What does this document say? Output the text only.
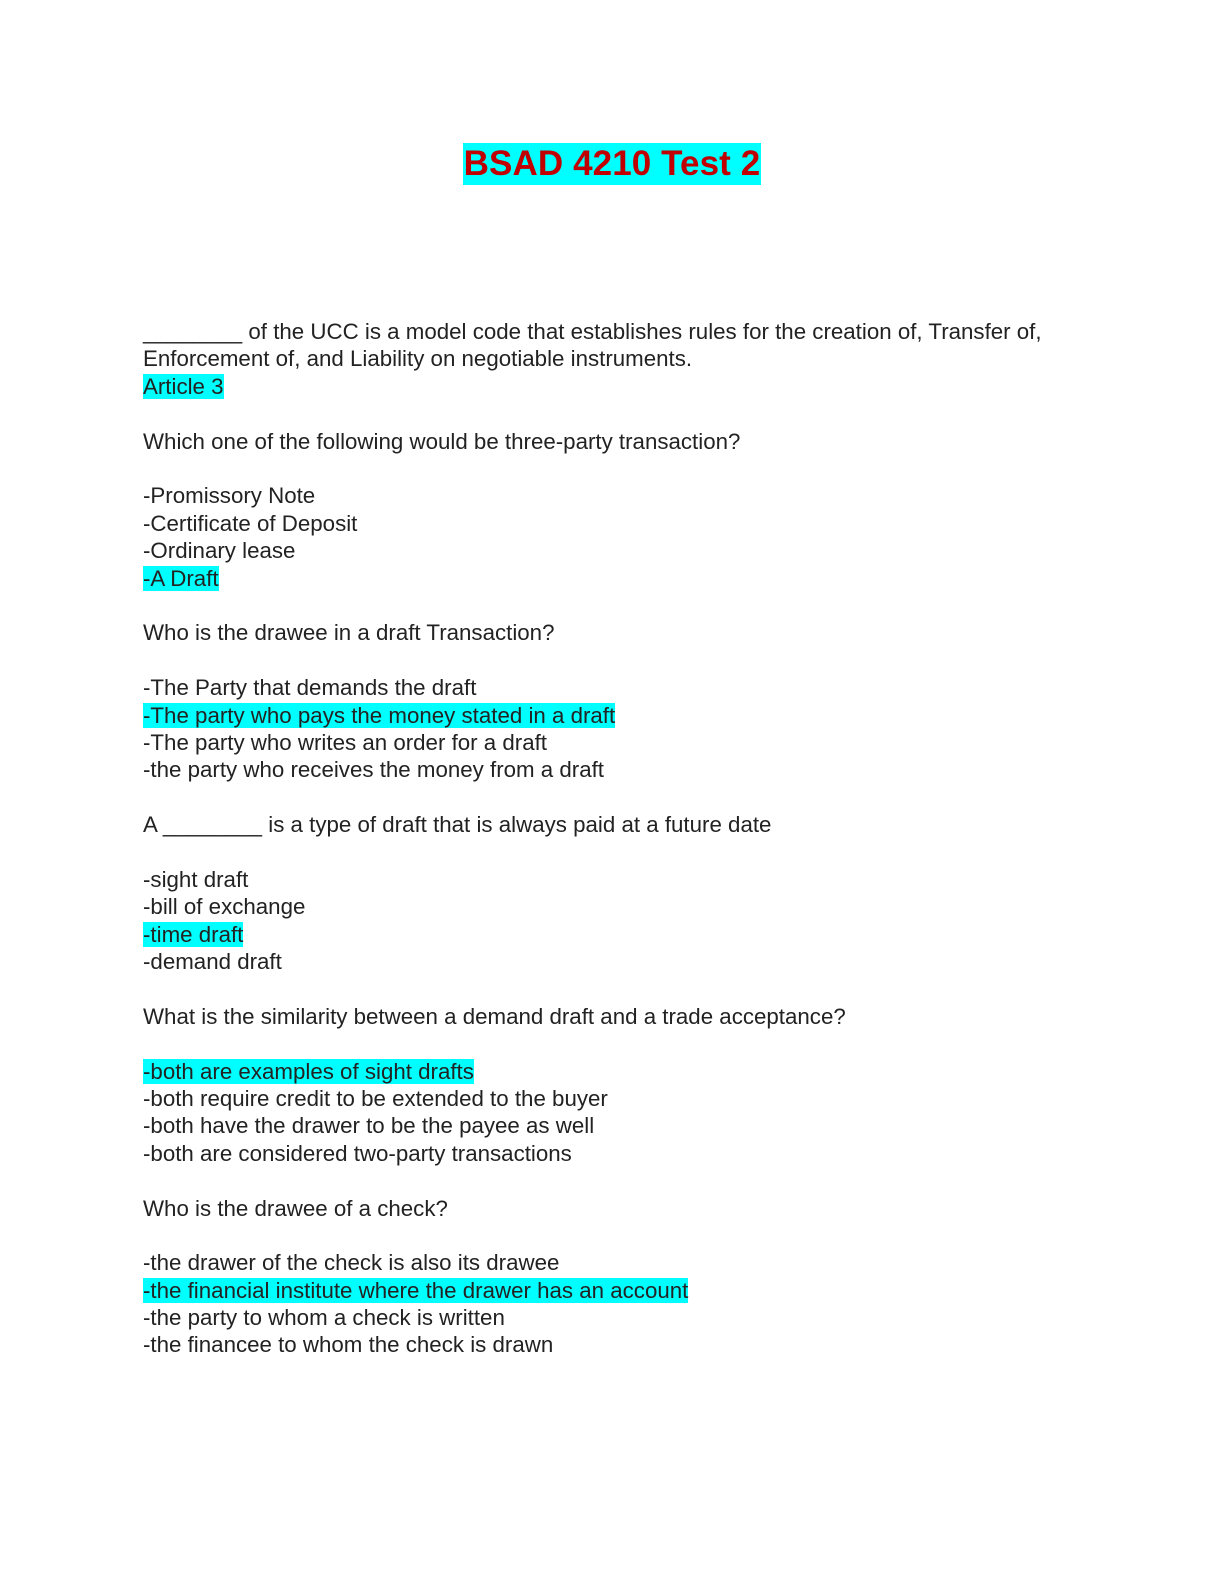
BSAD 4210 Test 2
________ of the UCC is a model code that establishes rules for the creation of, Transfer of, Enforcement of, and Liability on negotiable instruments.
Article 3
Which one of the following would be three-party transaction?
-Promissory Note
-Certificate of Deposit
-Ordinary lease
-A Draft
Who is the drawee in a draft Transaction?
-The Party that demands the draft
-The party who pays the money stated in a draft
-The party who writes an order for a draft
-the party who receives the money from a draft
A ________ is a type of draft that is always paid at a future date
-sight draft
-bill of exchange
-time draft
-demand draft
What is the similarity between a demand draft and a trade acceptance?
-both are examples of sight drafts
-both require credit to be extended to the buyer
-both have the drawer to be the payee as well
-both are considered two-party transactions
Who is the drawee of a check?
-the drawer of the check is also its drawee
-the financial institute where the drawer has an account
-the party to whom a check is written
-the financee to whom the check is drawn
